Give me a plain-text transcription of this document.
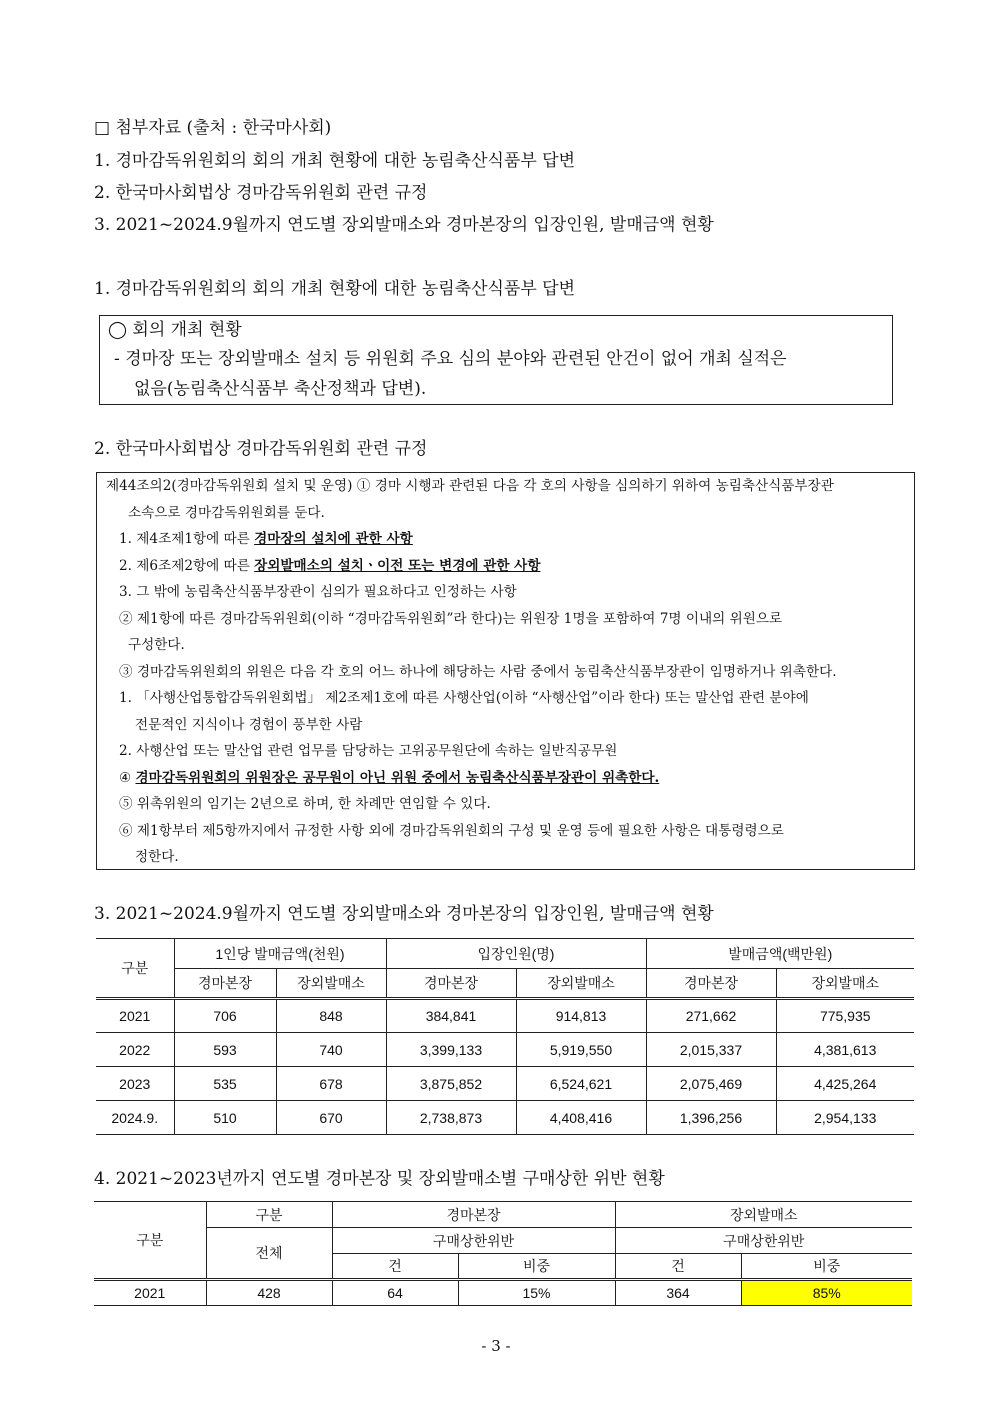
□ 첨부자료 (출처 : 한국마사회)
1. 경마감독위원회의 회의 개최 현황에 대한 농림축산식품부 답변
2. 한국마사회법상 경마감독위원회 관련 규정
3. 2021~2024.9월까지 연도별 장외발매소와 경마본장의 입장인원, 발매금액 현황
1. 경마감독위원회의 회의 개최 현황에 대한 농림축산식품부 답변
◯ 회의 개최 현황
- 경마장 또는 장외발매소 설치 등 위원회 주요 심의 분야와 관련된 안건이 없어 개최 실적은
없음(농림축산식품부 축산정책과 답변).
2. 한국마사회법상 경마감독위원회 관련 규정
제44조의2(경마감독위원회 설치 및 운영) ① 경마 시행과 관련된 다음 각 호의 사항을 심의하기 위하여 농림축산식품부장관
소속으로 경마감독위원회를 둔다.
1. 제4조제1항에 따른 경마장의 설치에 관한 사항
2. 제6조제2항에 따른 장외발매소의 설치ㆍ이전 또는 변경에 관한 사항
3. 그 밖에 농림축산식품부장관이 심의가 필요하다고 인정하는 사항
② 제1항에 따른 경마감독위원회(이하 “경마감독위원회”라 한다)는 위원장 1명을 포함하여 7명 이내의 위원으로
구성한다.
③ 경마감독위원회의 위원은 다음 각 호의 어느 하나에 해당하는 사람 중에서 농림축산식품부장관이 임명하거나 위촉한다.
1. 「사행산업통합감독위원회법」 제2조제1호에 따른 사행산업(이하 “사행산업”이라 한다) 또는 말산업 관련 분야에
전문적인 지식이나 경험이 풍부한 사람
2. 사행산업 또는 말산업 관련 업무를 담당하는 고위공무원단에 속하는 일반직공무원
④ 경마감독위원회의 위원장은 공무원이 아닌 위원 중에서 농림축산식품부장관이 위촉한다.
⑤ 위촉위원의 임기는 2년으로 하며, 한 차례만 연임할 수 있다.
⑥ 제1항부터 제5항까지에서 규정한 사항 외에 경마감독위원회의 구성 및 운영 등에 필요한 사항은 대통령령으로
정한다.
3. 2021~2024.9월까지 연도별 장외발매소와 경마본장의 입장인원, 발매금액 현황
구분	1인당 발매금액(천원)		입장인원(명)		발매금액(백만원)	
	경마본장	장외발매소	경마본장	장외발매소	경마본장	장외발매소
2021	706	848	384,841	914,813	271,662	775,935
2022	593	740	3,399,133	5,919,550	2,015,337	4,381,613
2023	535	678	3,875,852	6,524,621	2,075,469	4,425,264
2024.9.	510	670	2,738,873	4,408,416	1,396,256	2,954,133
4. 2021~2023년까지 연도별 경마본장 및 장외발매소별 구매상한 위반 현황
구분	구분	경마본장		장외발매소	
	전체	구매상한위반		구매상한위반	
		건	비중	건	비중
2021	428	64	15%	364	85%
- 3 -
